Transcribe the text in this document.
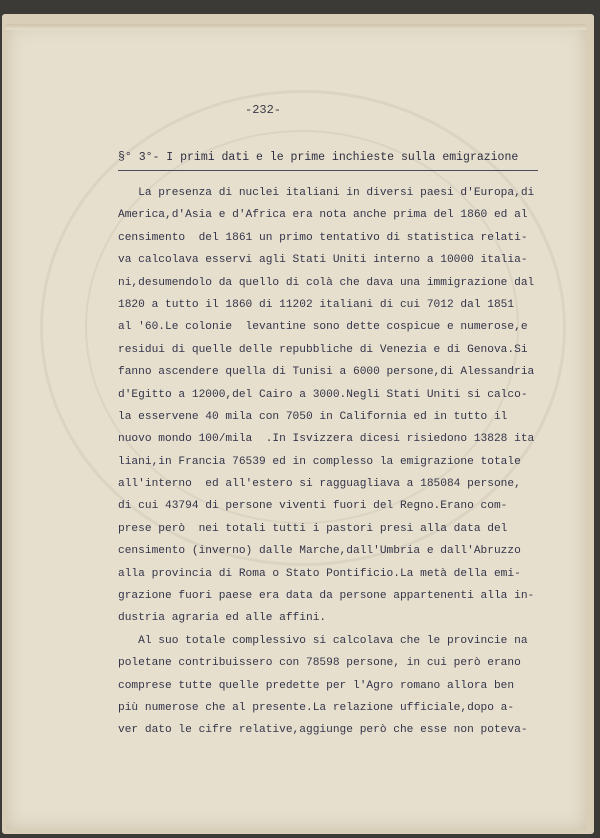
-232-
§° 3°- I primi dati e le prime inchieste sulla emigrazione
La presenza di nuclei italiani in diversi paesi d'Europa,di
America,d'Asia e d'Africa era nota anche prima del 1860 ed al
censimento  del 1861 un primo tentativo di statistica relati-
va calcolava esservi agli Stati Uniti interno a 10000 italia-
ni,desumendolo da quello di colà che dava una immigrazione dal
1820 a tutto il 1860 di 11202 italiani di cui 7012 dal 1851
al '60.Le colonie  levantine sono dette cospicue e numerose,e
residui di quelle delle repubbliche di Venezia e di Genova.Si
fanno ascendere quella di Tunisi a 6000 persone,di Alessandria
d'Egitto a 12000,del Cairo a 3000.Negli Stati Uniti si calco-
la esservene 40 mila con 7050 in California ed in tutto il
nuovo mondo 100/mila  .In Isvizzera dicesi risiedono 13828 ita
liani,in Francia 76539 ed in complesso la emigrazione totale
all'interno  ed all'estero si ragguagliava a 185084 persone,
di cui 43794 di persone viventi fuori del Regno.Erano com-
prese però  nei totali tutti i pastori presi alla data del
censimento (inverno) dalle Marche,dall'Umbria e dall'Abruzzo
alla provincia di Roma o Stato Pontificio.La metà della emi-
grazione fuori paese era data da persone appartenenti alla in-
dustria agraria ed alle affini.
Al suo totale complessivo si calcolava che le provincie na
poletane contribuissero con 78598 persone, in cui però erano
comprese tutte quelle predette per l'Agro romano allora ben
più numerose che al presente.La relazione ufficiale,dopo a-
ver dato le cifre relative,aggiunge però che esse non poteva-
